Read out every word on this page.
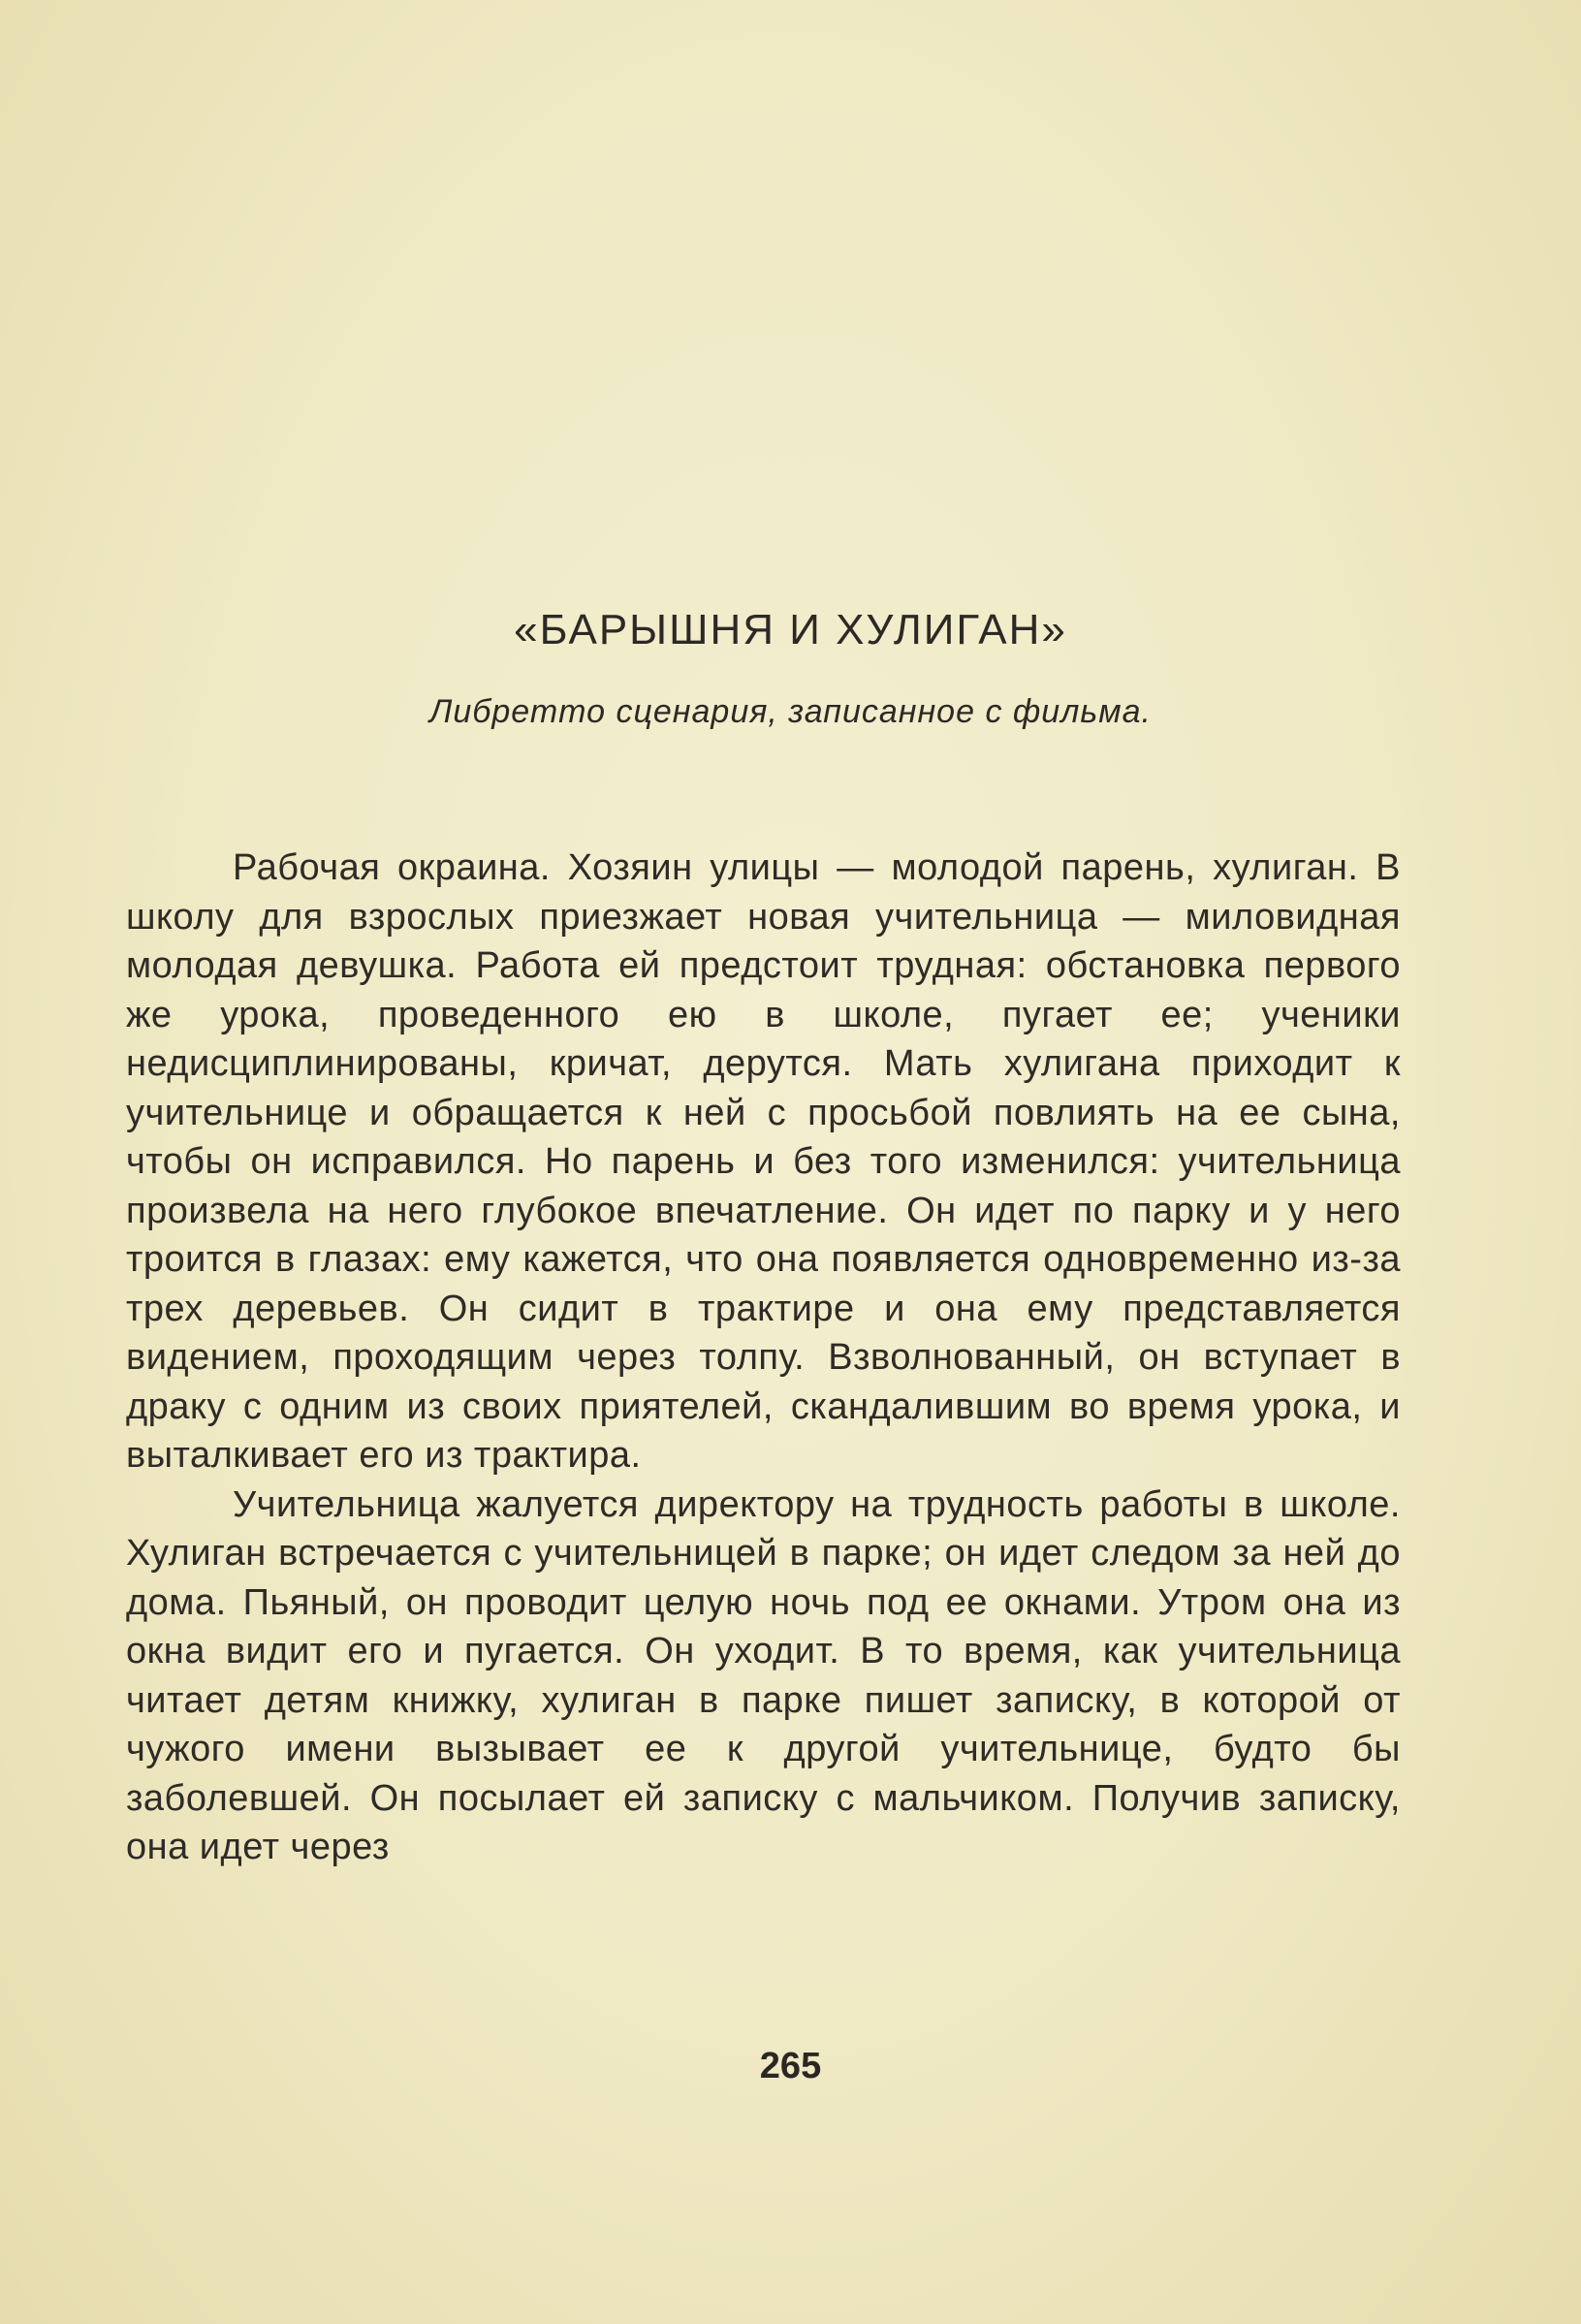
«БАРЫШНЯ И ХУЛИГАН»
Либретто сценария, записанное с фильма.

Рабочая окраина. Хозяин улицы — молодой парень, хулиган. В школу для взрослых приезжает новая учительница — миловидная молодая девушка. Работа ей предстоит трудная: обстановка первого же урока, проведенного ею в школе, пугает ее; ученики недисциплинированы, кричат, дерутся. Мать хулигана приходит к учительнице и обращается к ней с просьбой повлиять на ее сына, чтобы он исправился. Но парень и без того изменился: учительница произвела на него глубокое впечатление. Он идет по парку и у него троится в глазах: ему кажется, что она появляется одновременно из-за трех деревьев. Он сидит в трактире и она ему представляется видением, проходящим через толпу. Взволнованный, он вступает в драку с одним из своих приятелей, скандалившим во время урока, и выталкивает его из трактира.

Учительница жалуется директору на трудность работы в школе. Хулиган встречается с учительницей в парке; он идет следом за ней до дома. Пьяный, он проводит целую ночь под ее окнами. Утром она из окна видит его и пугается. Он уходит. В то время, как учительница читает детям книжку, хулиган в парке пишет записку, в которой от чужого имени вызывает ее к другой учительнице, будто бы заболевшей. Он посылает ей записку с мальчиком. Получив записку, она идет через

265
